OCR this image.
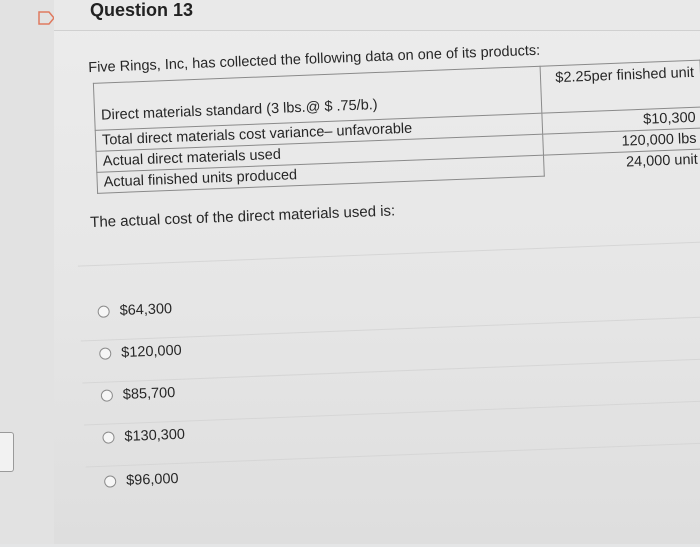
Question 13
Five Rings, Inc, has collected the following data on one of its products:
Direct materials standard (3 lbs.@ $ .75/b.)	$2.25per finished unit
Total direct materials cost variance– unfavorable	$10,300
Actual direct materials used	120,000 lbs
Actual finished units produced	24,000 unit
The actual cost of the direct materials used is:
$64,300
$120,000
$85,700
$130,300
$96,000
